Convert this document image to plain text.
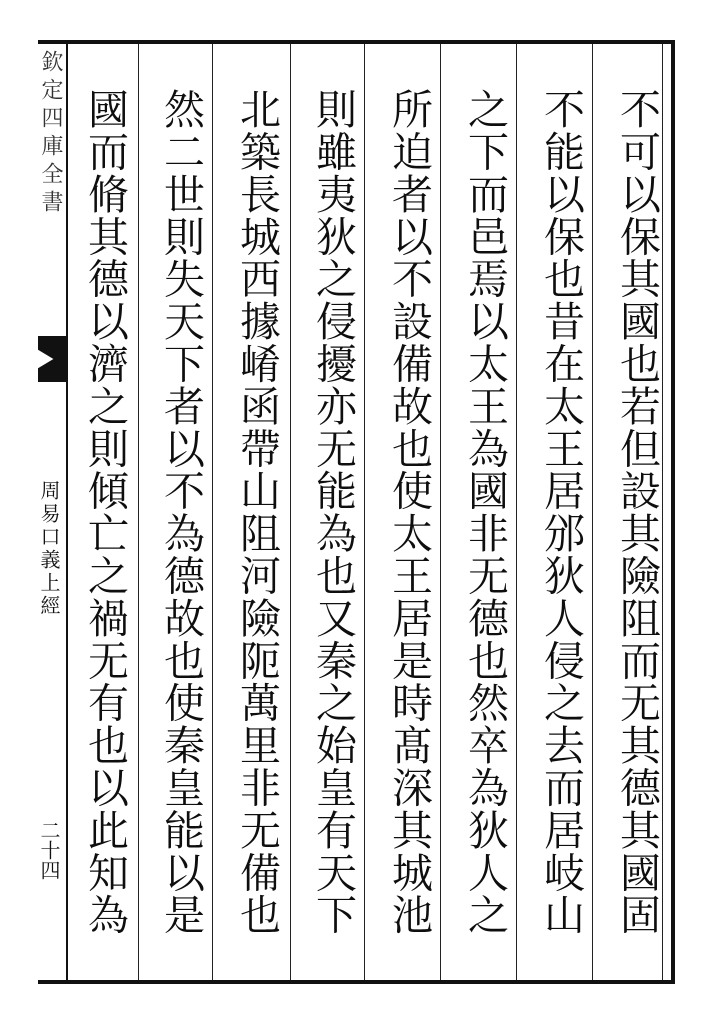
欽定四庫全書
周易口義上經
二十四	不可以保其國也若但設其險阻而无其德其國固
不能以保也昔在太王居邠狄人侵之去而居岐山
之下而邑焉以太王為國非无德也然卒為狄人之
所迫者以不設備故也使太王居是時髙深其城池
則雖夷狄之侵擾亦无能為也又秦之始皇有天下
北築長城西據崤函帶山阻河險阨萬里非无備也
然二世則失天下者以不為德故也使秦皇能以是
國而脩其德以濟之則傾亡之禍无有也以此知為
